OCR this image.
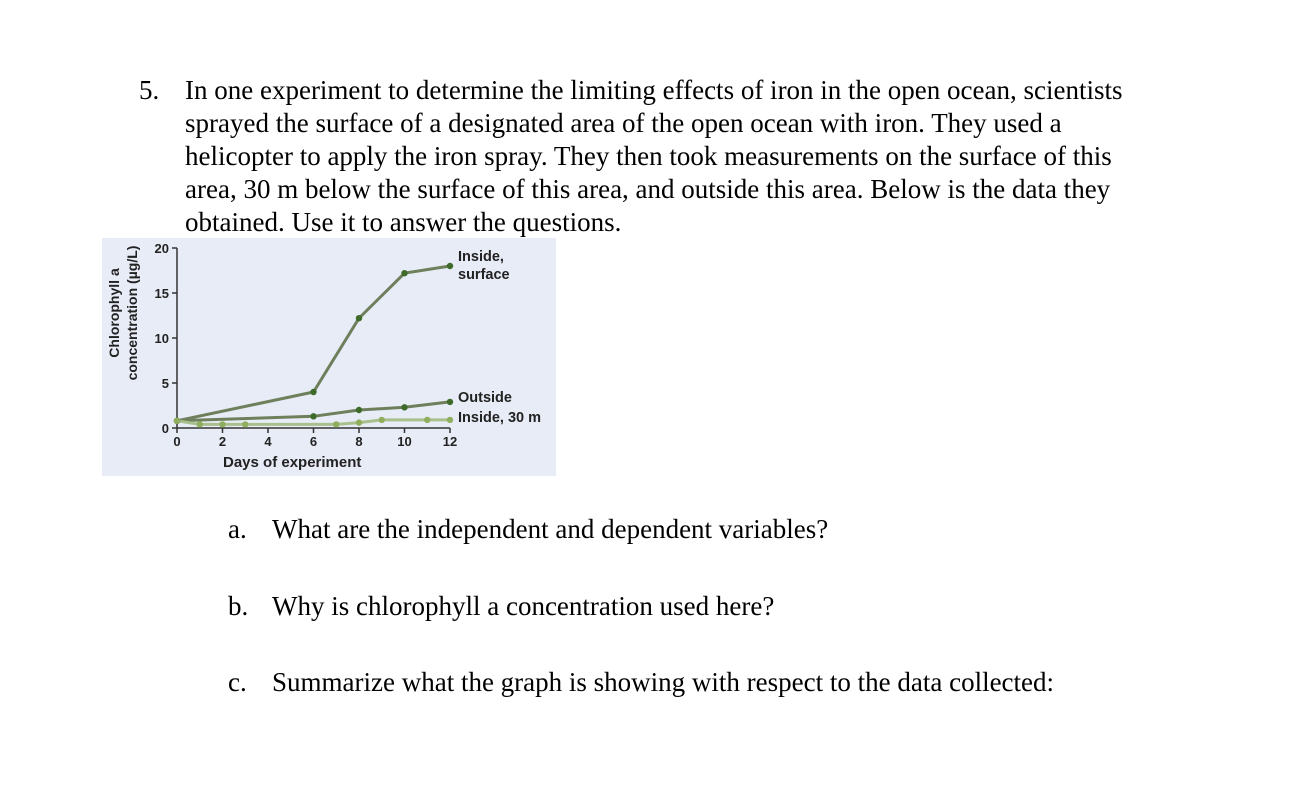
5. In one experiment to determine the limiting effects of iron in the open ocean, scientists
sprayed the surface of a designated area of the open ocean with iron. They used a
helicopter to apply the iron spray. They then took measurements on the surface of this
area, 30 m below the surface of this area, and outside this area. Below is the data they
obtained. Use it to answer the questions.
Chlorophyll a concentration (µg/L)
Days of experiment
0
5
10
15
20
0	2	4	6	8	10 12
Inside,
surface
Outside
Inside, 30 m
a. What are the independent and dependent variables?
b. Why is chlorophyll a concentration used here?
c. Summarize what the graph is showing with respect to the data collected:
